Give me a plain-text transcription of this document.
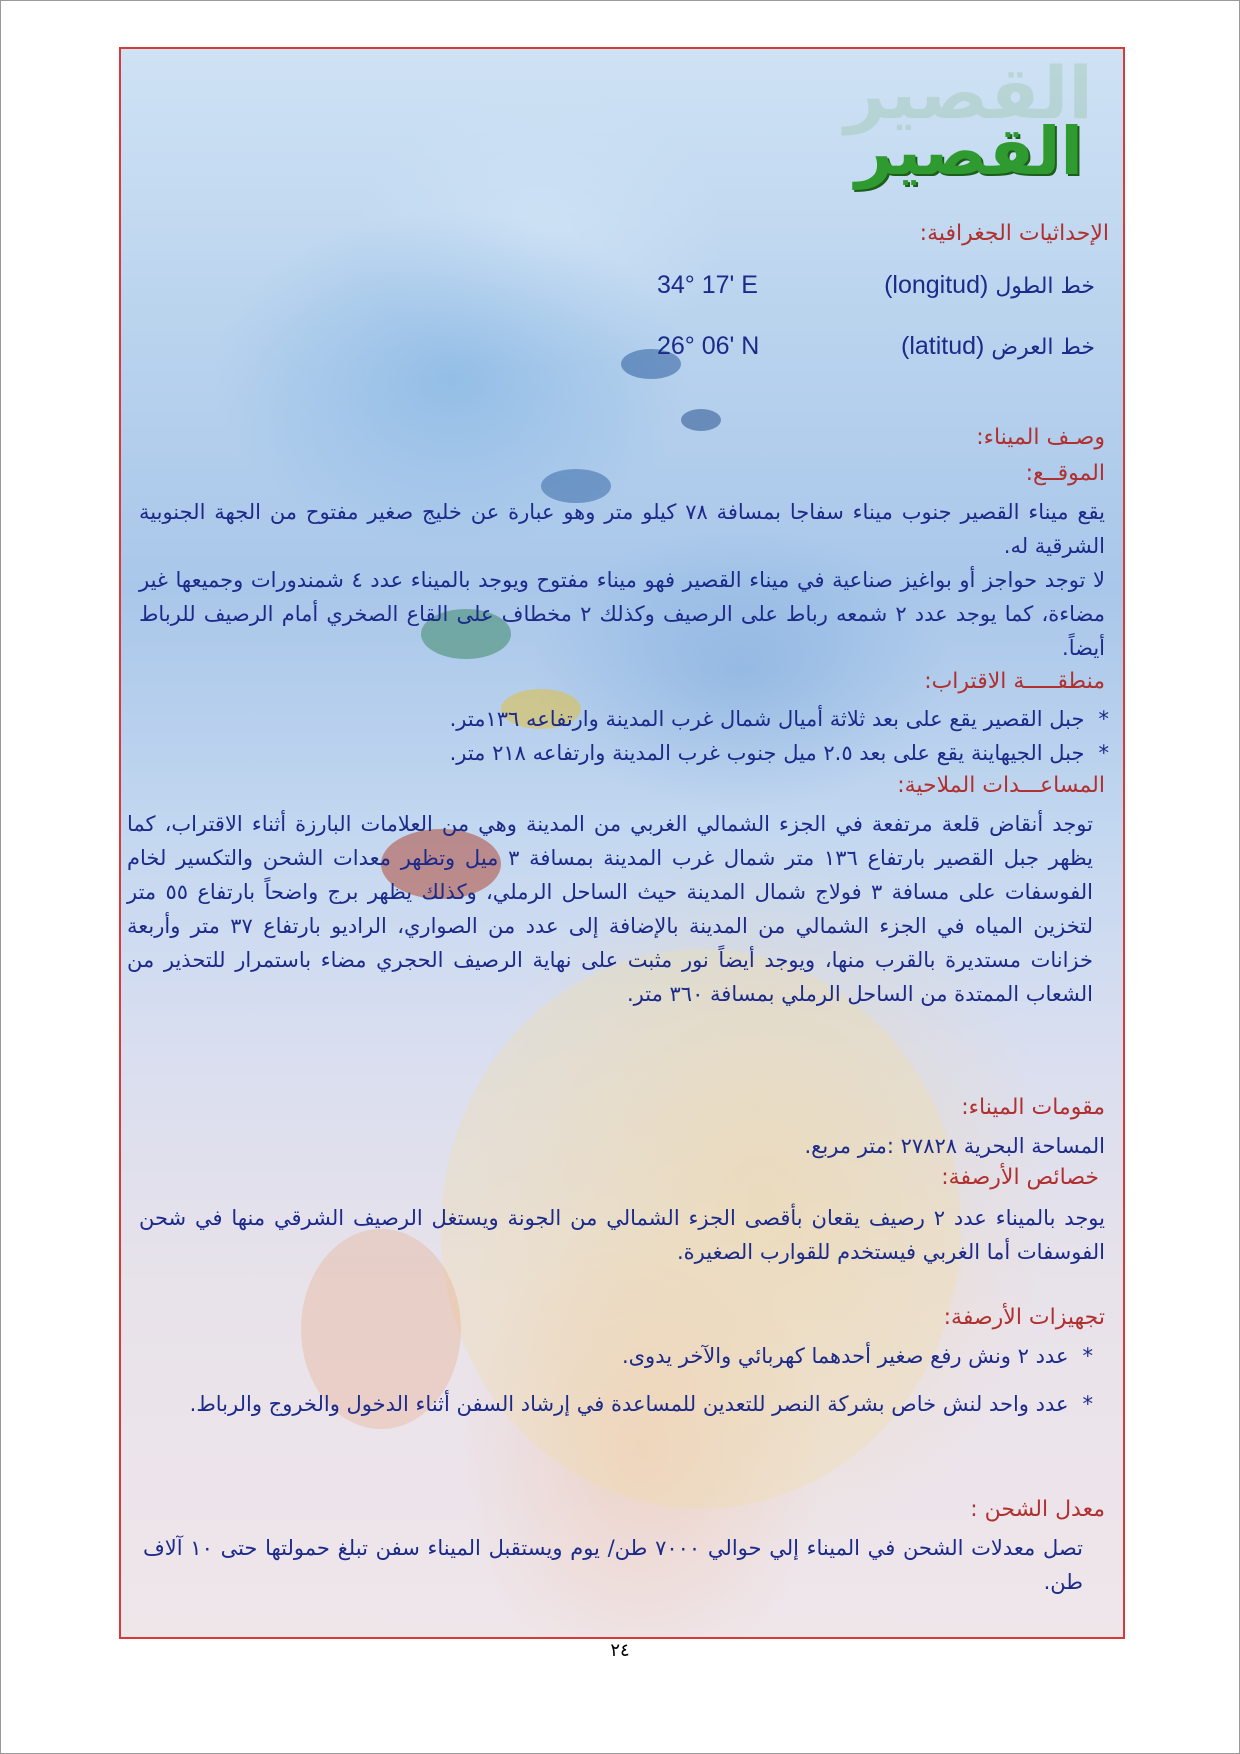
القصير
القصير
الإحداثيات الجغرافية:
خط الطول (longitud)
34° 17' E
خط العرض (latitud)
26° 06' N
وصـف الميناء:
الموقــع:
يقع ميناء القصير جنوب ميناء سفاجا بمسافة ٧٨ كيلو متر وهو عبارة عن خليج صغير مفتوح من الجهة الجنوبية الشرقية له.
لا توجد حواجز أو بواغيز صناعية في ميناء القصير فهو ميناء مفتوح ويوجد بالميناء عدد ٤ شمندورات وجميعها غير مضاءة، كما يوجد عدد ٢ شمعه رباط على الرصيف وكذلك ٢ مخطاف على القاع الصخري أمام الرصيف للرباط أيضاً.
منطقـــــة الاقتراب:
*جبل القصير يقع على بعد ثلاثة أميال شمال غرب المدينة وارتفاعه ١٣٦متر.
*جبل الجيهاينة يقع على بعد ٢.٥ ميل جنوب غرب المدينة وارتفاعه ٢١٨ متر.
المساعـــدات الملاحية:
توجد أنقاض قلعة مرتفعة في الجزء الشمالي الغربي من المدينة وهي من العلامات البارزة أثناء الاقتراب، كما يظهر جبل القصير بارتفاع ١٣٦ متر شمال غرب المدينة بمسافة ٣ ميل وتظهر معدات الشحن والتكسير لخام الفوسفات على مسافة ٣ فولاج شمال المدينة حيث الساحل الرملي، وكذلك يظهر برج واضحاً بارتفاع ٥٥ متر لتخزين المياه في الجزء الشمالي من المدينة بالإضافة إلى عدد من الصواري، الراديو بارتفاع ٣٧ متر وأربعة خزانات مستديرة بالقرب منها، ويوجد أيضاً نور مثبت على نهاية الرصيف الحجري مضاء باستمرار للتحذير من الشعاب الممتدة من الساحل الرملي بمسافة ٣٦٠ متر.
مقومات الميناء:
المساحة البحرية ٢٧٨٢٨ :متر مربع.
خصائص الأرصفة:
يوجد بالميناء عدد ٢ رصيف يقعان بأقصى الجزء الشمالي من الجونة ويستغل الرصيف الشرقي منها في شحن الفوسفات أما الغربي فيستخدم للقوارب الصغيرة.
تجهيزات الأرصفة:
*عدد ٢ ونش رفع صغير أحدهما كهربائي والآخر يدوى.
*عدد واحد لنش خاص بشركة النصر للتعدين للمساعدة في إرشاد السفن أثناء الدخول والخروج والرباط.
معدل الشحن :
تصل معدلات الشحن في الميناء إلي حوالي ٧٠٠٠ طن/ يوم ويستقبل الميناء سفن تبلغ حمولتها حتى ١٠ آلاف طن.
٢٤
